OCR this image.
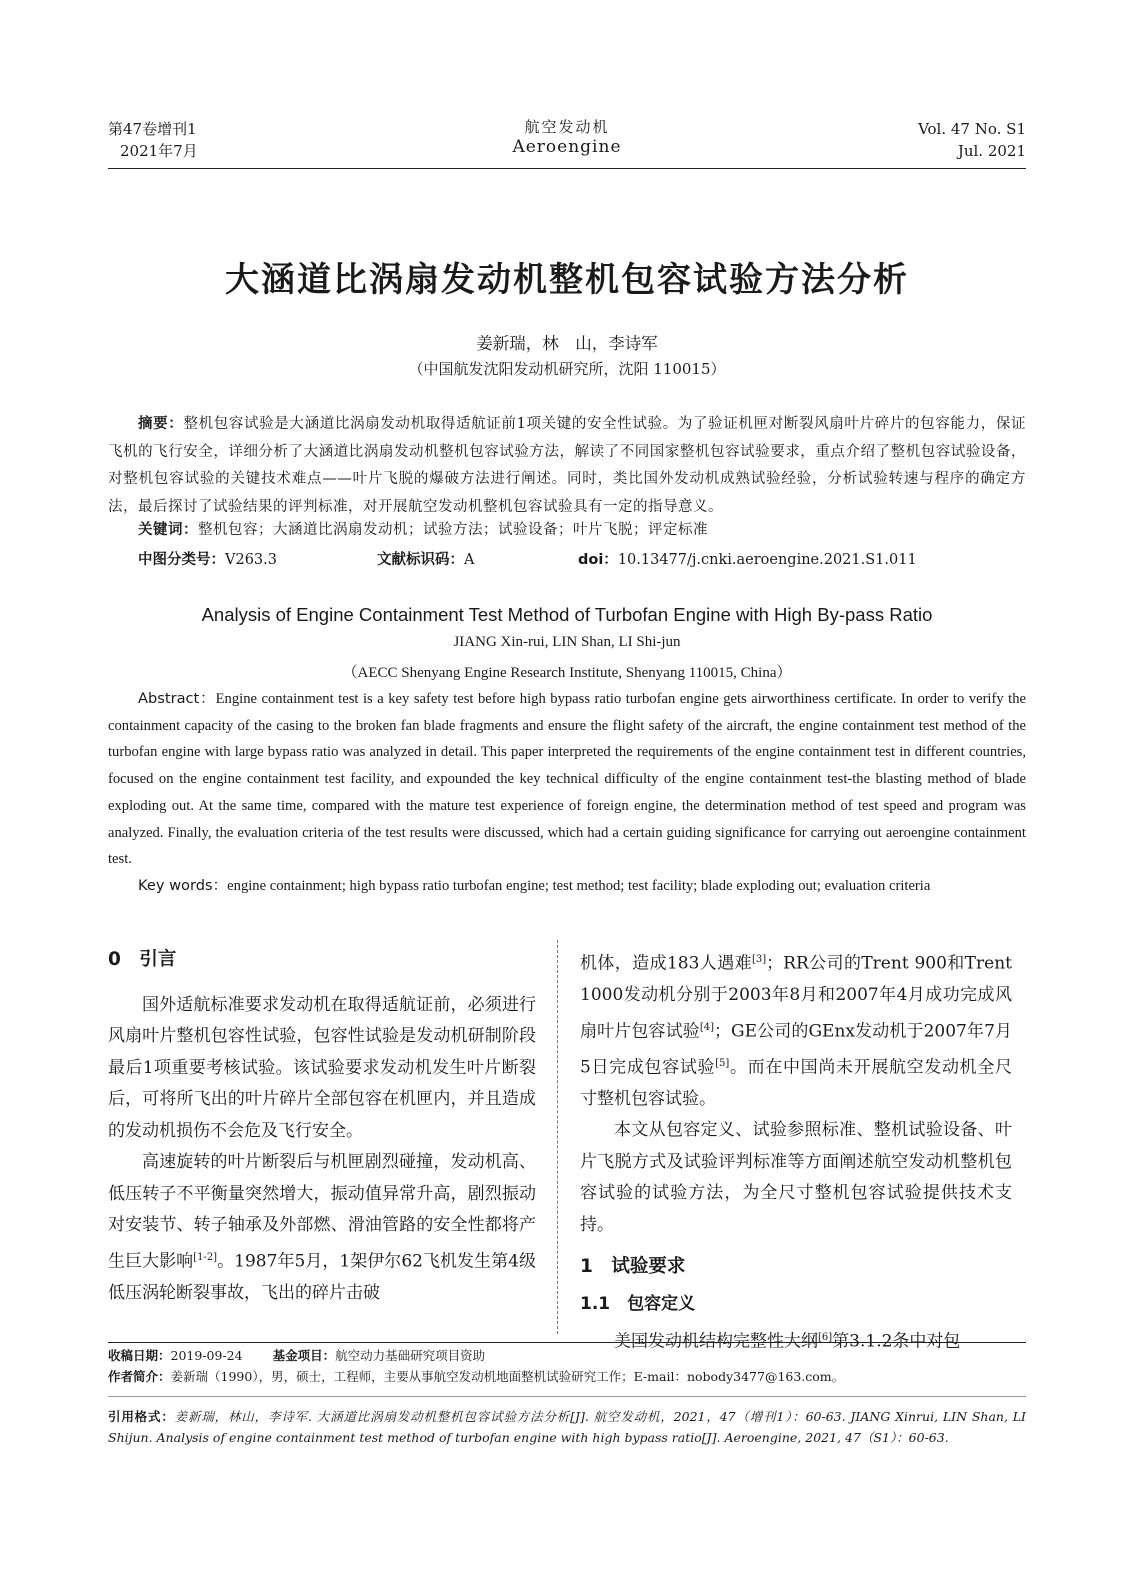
第47卷增刊1
2021年7月
航空发动机
Aeroengine
Vol. 47 No. S1
Jul. 2021
大涵道比涡扇发动机整机包容试验方法分析
姜新瑞，林　山，李诗军
（中国航发沈阳发动机研究所，沈阳 110015）
摘要：整机包容试验是大涵道比涡扇发动机取得适航证前1项关键的安全性试验。为了验证机匣对断裂风扇叶片碎片的包容能力，保证飞机的飞行安全，详细分析了大涵道比涡扇发动机整机包容试验方法，解读了不同国家整机包容试验要求，重点介绍了整机包容试验设备，对整机包容试验的关键技术难点——叶片飞脱的爆破方法进行阐述。同时，类比国外发动机成熟试验经验，分析试验转速与程序的确定方法，最后探讨了试验结果的评判标准，对开展航空发动机整机包容试验具有一定的指导意义。
关键词：整机包容；大涵道比涡扇发动机；试验方法；试验设备；叶片飞脱；评定标准
中图分类号：V263.3	文献标识码：A	doi：10.13477/j.cnki.aeroengine.2021.S1.011
Analysis of Engine Containment Test Method of Turbofan Engine with High By-pass Ratio
JIANG Xin-rui, LIN Shan, LI Shi-jun
（AECC Shenyang Engine Research Institute, Shenyang 110015, China）
Abstract：Engine containment test is a key safety test before high bypass ratio turbofan engine gets airworthiness certificate. In order to verify the containment capacity of the casing to the broken fan blade fragments and ensure the flight safety of the aircraft, the engine containment test method of the turbofan engine with large bypass ratio was analyzed in detail. This paper interpreted the requirements of the engine containment test in different countries, focused on the engine containment test facility, and expounded the key technical difficulty of the engine containment test-the blasting method of blade exploding out. At the same time, compared with the mature test experience of foreign engine, the determination method of test speed and program was analyzed. Finally, the evaluation criteria of the test results were discussed, which had a certain guiding significance for carrying out aeroengine containment test.
Key words：engine containment; high bypass ratio turbofan engine; test method; test facility; blade exploding out; evaluation criteria

0　引言

国外适航标准要求发动机在取得适航证前，必须进行风扇叶片整机包容性试验，包容性试验是发动机研制阶段最后1项重要考核试验。该试验要求发动机发生叶片断裂后，可将所飞出的叶片碎片全部包容在机匣内，并且造成的发动机损伤不会危及飞行安全。

高速旋转的叶片断裂后与机匣剧烈碰撞，发动机高、低压转子不平衡量突然增大，振动值异常升高，剧烈振动对安装节、转子轴承及外部燃、滑油管路的安全性都将产生巨大影响[1-2]。1987年5月，1架伊尔62飞机发生第4级低压涡轮断裂事故，飞出的碎片击破

机体，造成183人遇难[3]；RR公司的Trent 900和Trent 1000发动机分别于2003年8月和2007年4月成功完成风扇叶片包容试验[4]；GE公司的GEnx发动机于2007年7月5日完成包容试验[5]。而在中国尚未开展航空发动机全尺寸整机包容试验。

本文从包容定义、试验参照标准、整机试验设备、叶片飞脱方式及试验评判标准等方面阐述航空发动机整机包容试验的试验方法，为全尺寸整机包容试验提供技术支持。

1　试验要求

1.1　包容定义

美国发动机结构完整性大纲[6]第3.1.2条中对包

收稿日期：2019-09-24 基金项目：航空动力基础研究项目资助
作者简介：姜新瑞（1990），男，硕士，工程师，主要从事航空发动机地面整机试验研究工作；E-mail：nobody3477@163.com。
引用格式：姜新瑞，林山，李诗军. 大涵道比涡扇发动机整机包容试验方法分析[J]. 航空发动机，2021，47（增刊1）：60-63. JIANG Xinrui, LIN Shan, LI Shijun. Analysis of engine containment test method of turbofan engine with high bypass ratio[J]. Aeroengine, 2021, 47（S1）：60-63.
